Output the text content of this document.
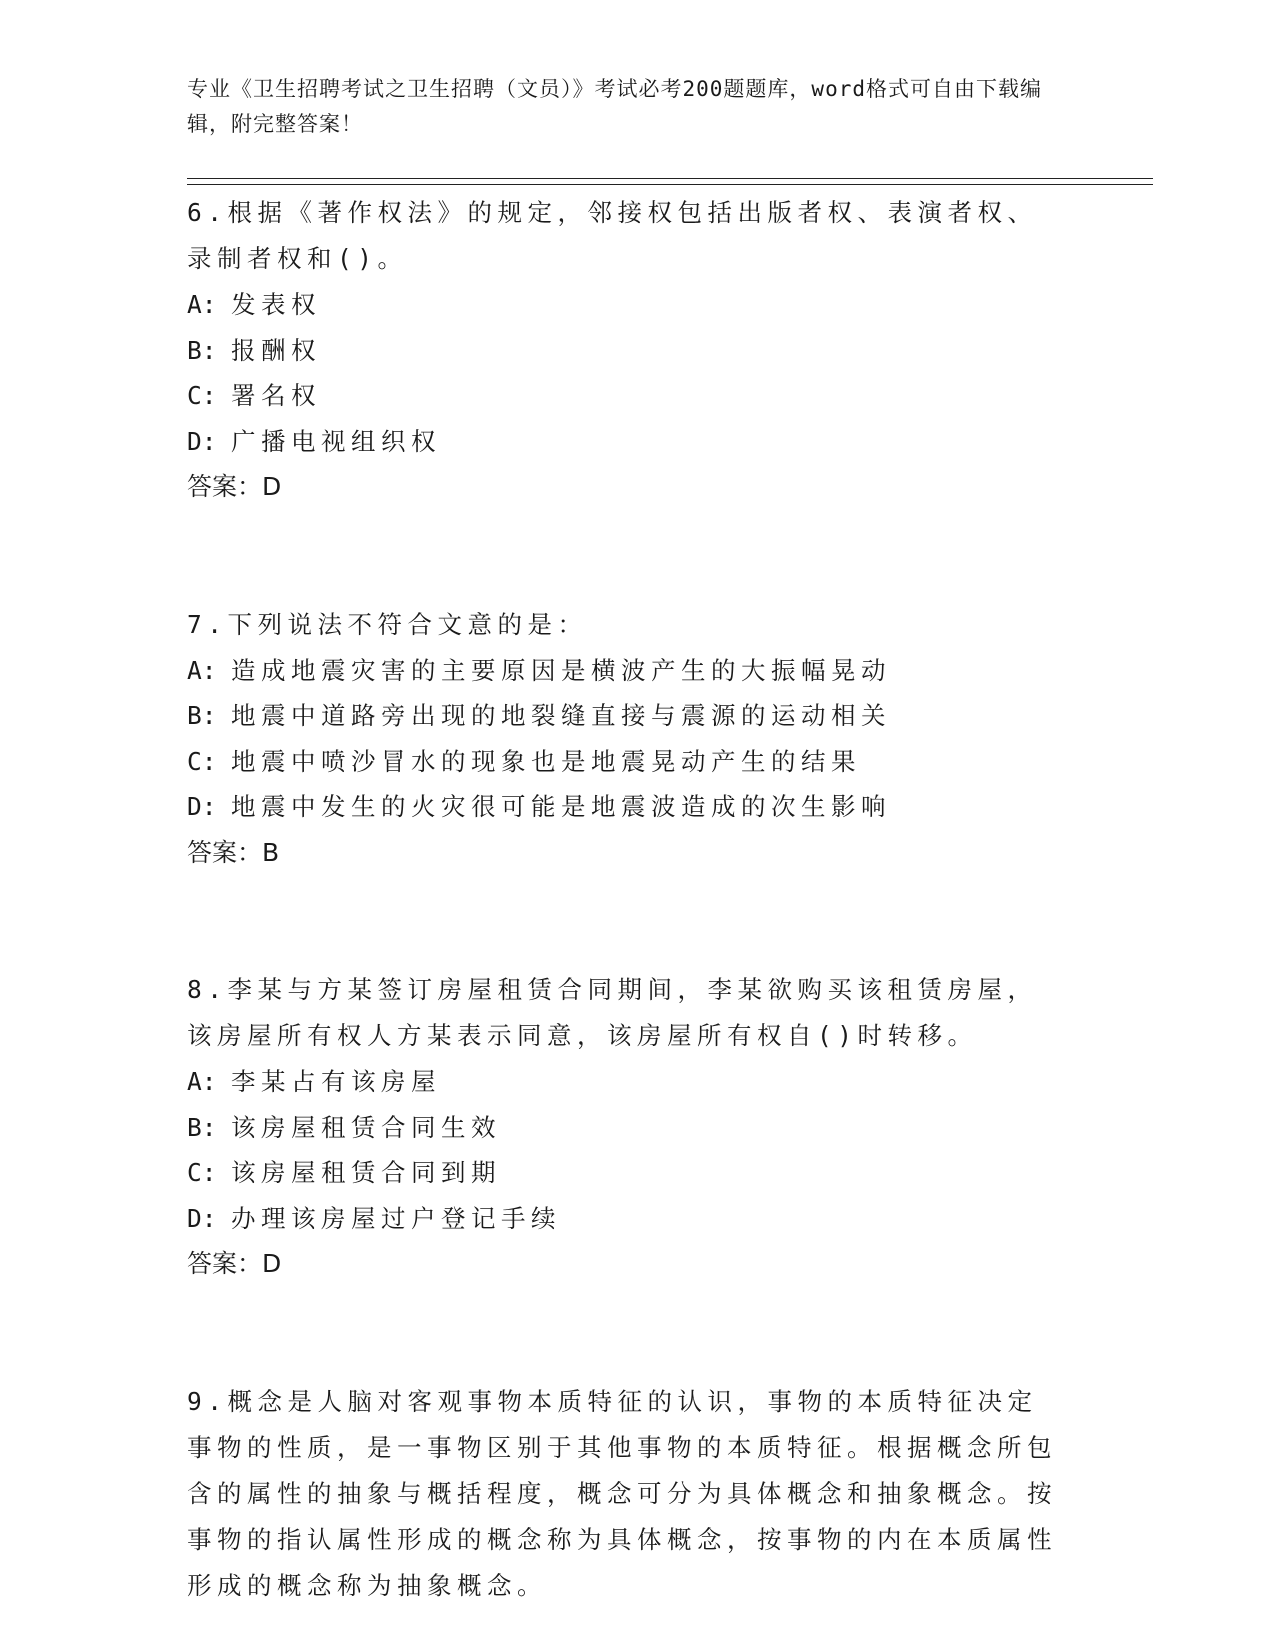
专业《卫生招聘考试之卫生招聘（文员）》考试必考200题题库，word格式可自由下载编辑，附完整答案！
6.根据《著作权法》的规定，邻接权包括出版者权、表演者权、录制者权和()。
A: 发表权
B: 报酬权
C: 署名权
D: 广播电视组织权
答案：D
7.下列说法不符合文意的是：
A: 造成地震灾害的主要原因是横波产生的大振幅晃动
B: 地震中道路旁出现的地裂缝直接与震源的运动相关
C: 地震中喷沙冒水的现象也是地震晃动产生的结果
D: 地震中发生的火灾很可能是地震波造成的次生影响
答案：B
8.李某与方某签订房屋租赁合同期间，李某欲购买该租赁房屋，该房屋所有权人方某表示同意，该房屋所有权自()时转移。
A: 李某占有该房屋
B: 该房屋租赁合同生效
C: 该房屋租赁合同到期
D: 办理该房屋过户登记手续
答案：D
9.概念是人脑对客观事物本质特征的认识，事物的本质特征决定事物的性质，是一事物区别于其他事物的本质特征。根据概念所包含的属性的抽象与概括程度，概念可分为具体概念和抽象概念。按事物的指认属性形成的概念称为具体概念，按事物的内在本质属性形成的概念称为抽象概念。
